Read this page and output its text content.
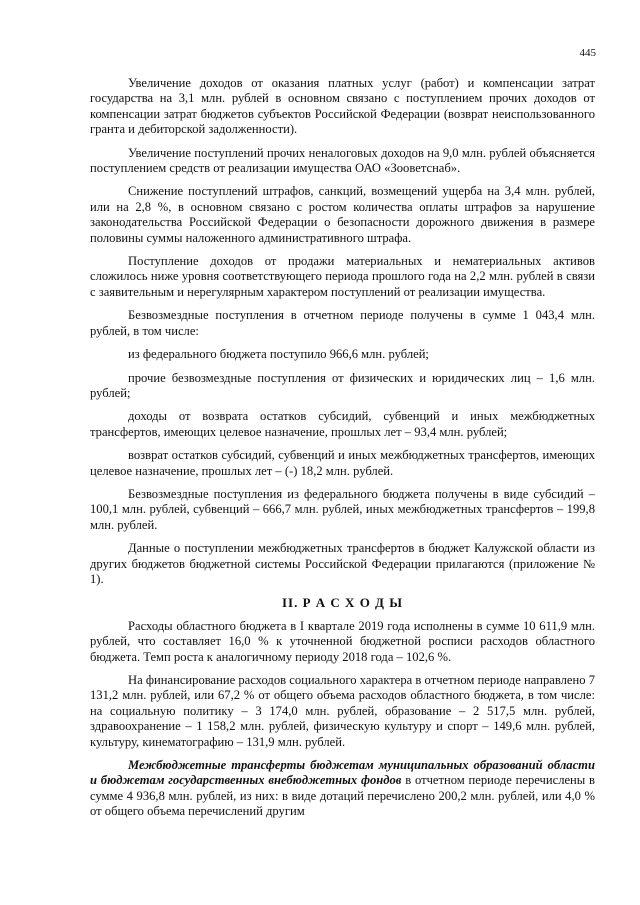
445

Увеличение доходов от оказания платных услуг (работ) и компенсации затрат государства на 3,1 млн. рублей в основном связано с поступлением прочих доходов от компенсации затрат бюджетов субъектов Российской Федерации (возврат неиспользованного гранта и дебиторской задолженности).

Увеличение поступлений прочих неналоговых доходов на 9,0 млн. рублей объясняется поступлением средств от реализации имущества ОАО «Зооветснаб».

Снижение поступлений штрафов, санкций, возмещений ущерба на 3,4 млн. рублей, или на 2,8 %, в основном связано с ростом количества оплаты штрафов за нарушение законодательства Российской Федерации о безопасности дорожного движения в размере половины суммы наложенного административного штрафа.

Поступление доходов от продажи материальных и нематериальных активов сложилось ниже уровня соответствующего периода прошлого года на 2,2 млн. рублей в связи с заявительным и нерегулярным характером поступлений от реализации имущества.

Безвозмездные поступления в отчетном периоде получены в сумме 1 043,4 млн. рублей, в том числе:

из федерального бюджета поступило 966,6 млн. рублей;

прочие безвозмездные поступления от физических и юридических лиц – 1,6 млн. рублей;

доходы от возврата остатков субсидий, субвенций и иных межбюджетных трансфертов, имеющих целевое назначение, прошлых лет – 93,4 млн. рублей;

возврат остатков субсидий, субвенций и иных межбюджетных трансфертов, имеющих целевое назначение, прошлых лет – (-) 18,2 млн. рублей.

Безвозмездные поступления из федерального бюджета получены в виде субсидий – 100,1 млн. рублей, субвенций – 666,7 млн. рублей, иных межбюджетных трансфертов – 199,8 млн. рублей.

Данные о поступлении межбюджетных трансфертов в бюджет Калужской области из других бюджетов бюджетной системы Российской Федерации прилагаются (приложение № 1).

II. Р А С Х О Д Ы

Расходы областного бюджета в I квартале 2019 года исполнены в сумме 10 611,9 млн. рублей, что составляет 16,0 % к уточненной бюджетной росписи расходов областного бюджета. Темп роста к аналогичному периоду 2018 года – 102,6 %.

На финансирование расходов социального характера в отчетном периоде направлено 7 131,2 млн. рублей, или 67,2 % от общего объема расходов областного бюджета, в том числе: на социальную политику – 3 174,0 млн. рублей, образование – 2 517,5 млн. рублей, здравоохранение – 1 158,2 млн. рублей, физическую культуру и спорт – 149,6 млн. рублей, культуру, кинематографию – 131,9 млн. рублей.

Межбюджетные трансферты бюджетам муниципальных образований области и бюджетам государственных внебюджетных фондов в отчетном периоде перечислены в сумме 4 936,8 млн. рублей, из них: в виде дотаций перечислено 200,2 млн. рублей, или 4,0 % от общего объема перечислений другим
